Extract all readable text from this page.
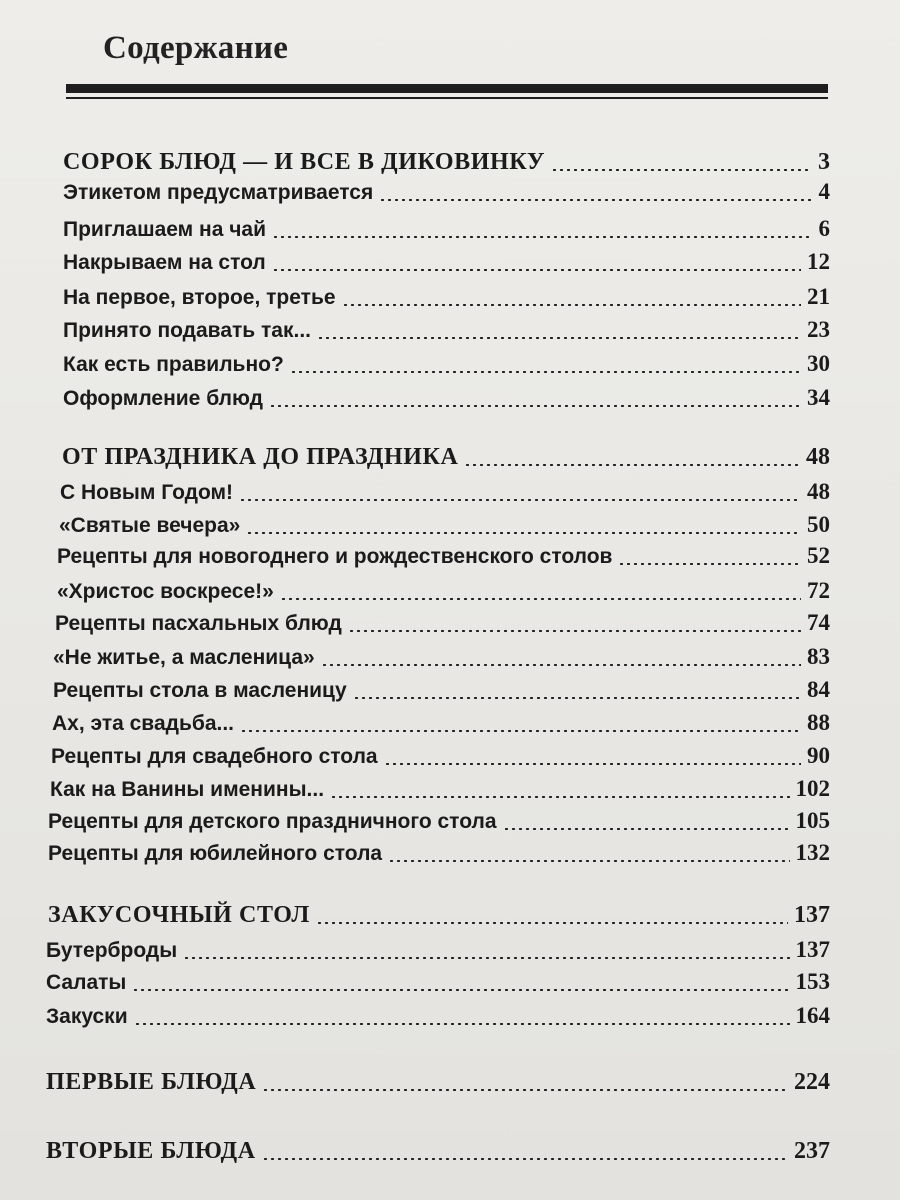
Содержание
СОРОК БЛЮД — И ВСЕ В ДИКОВИНКУ	3
Этикетом предусматривается	4
Приглашаем на чай	6
Накрываем на стол	12
На первое, второе, третье	21
Принято подавать так...	23
Как есть правильно?	30
Оформление блюд	34
ОТ ПРАЗДНИКА ДО ПРАЗДНИКА	48
С Новым Годом!	48
«Святые вечера»	50
Рецепты для новогоднего и рождественского столов	52
«Христос воскресе!»	72
Рецепты пасхальных блюд	74
«Не житье, а масленица»	83
Рецепты стола в масленицу	84
Ах, эта свадьба...	88
Рецепты для свадебного стола	90
Как на Ванины именины...	102
Рецепты для детского праздничного стола	105
Рецепты для юбилейного стола	132
ЗАКУСОЧНЫЙ СТОЛ	137
Бутерброды	137
Салаты	153
Закуски	164
ПЕРВЫЕ БЛЮДА	224
ВТОРЫЕ БЛЮДА	237
